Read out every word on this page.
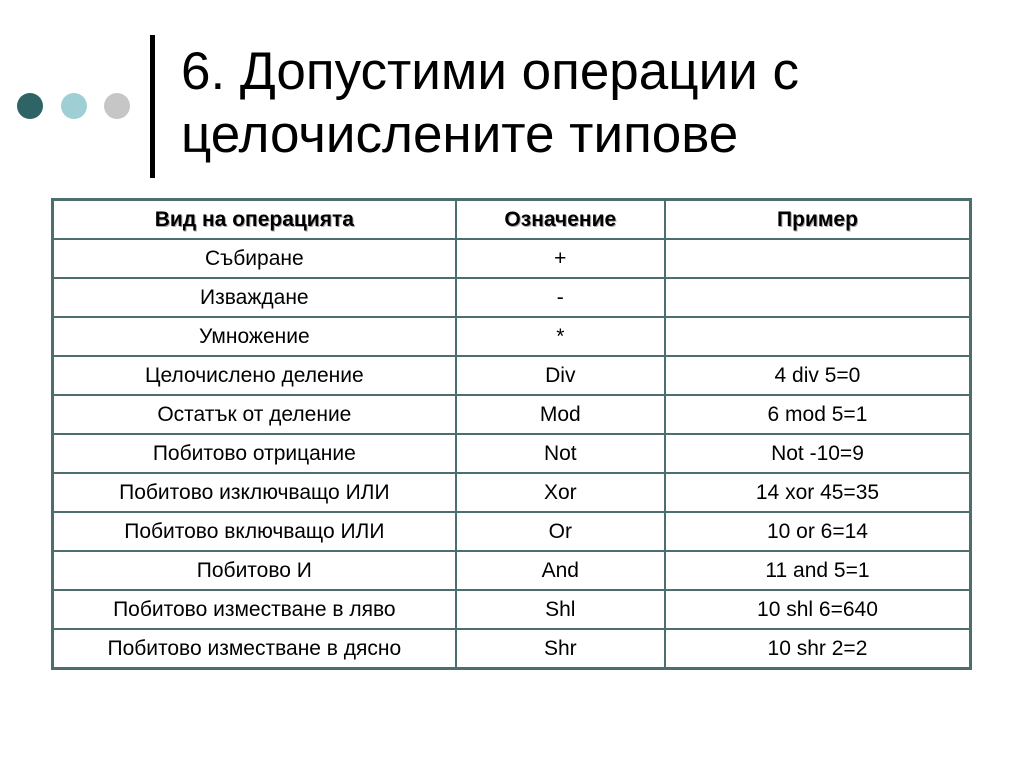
6. Допустими операции с
целочислените типове
Вид на операцията	Означение	Пример
Събиране	+	
Изваждане	-	
Умножение	*	
Целочислено деление	Div	4 div 5=0
Остатък от деление	Mod	6 mod 5=1
Побитово отрицание	Not	Not -10=9
Побитово изключващо ИЛИ	Xor	14 xor 45=35
Побитово включващо ИЛИ	Or	10 or 6=14
Побитово И	And	11 and 5=1
Побитово изместване в ляво	Shl	10 shl 6=640
Побитово изместване в дясно	Shr	10 shr 2=2
